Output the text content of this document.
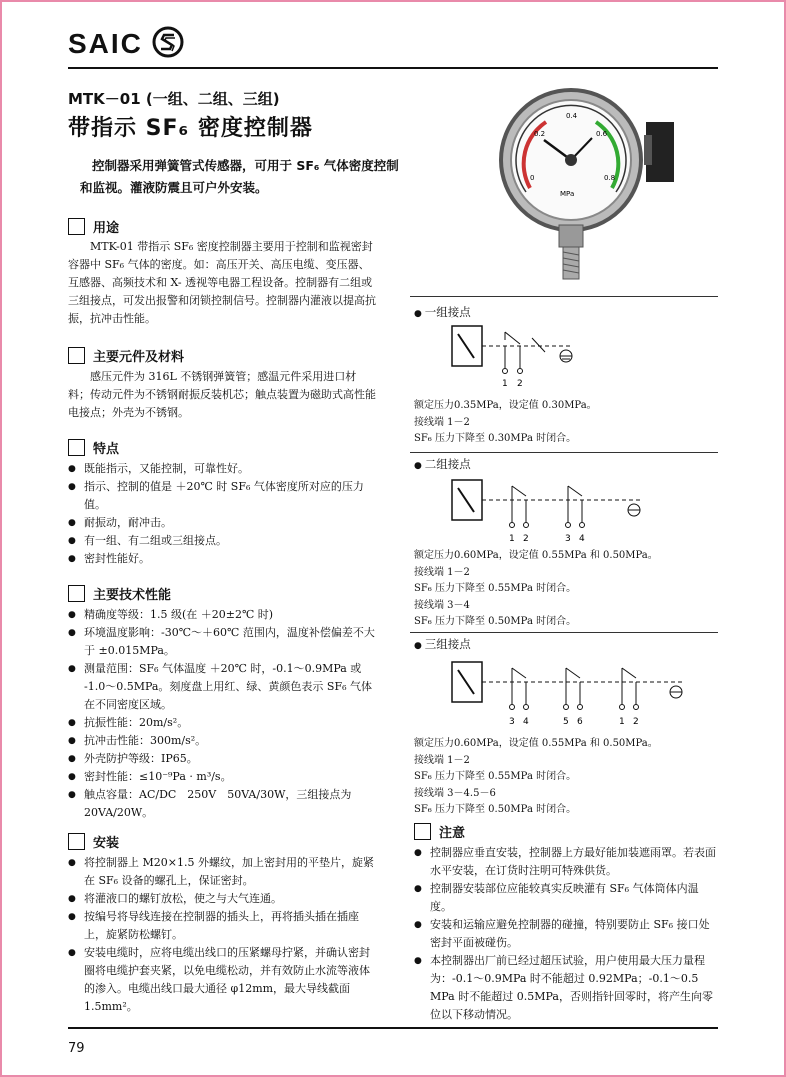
SAIC
MTK－01 (一组、二组、三组)
带指示 SF₆ 密度控制器
控制器采用弹簧管式传感器，可用于 SF₆ 气体密度控制和监视。灌液防震且可户外安装。
0.4
0.2	0.6
0	0.8
MPa
用途
MTK-01 带指示 SF₆ 密度控制器主要用于控制和监视密封容器中 SF₆ 气体的密度。如：高压开关、高压电缆、变压器、互感器、高频技术和 X- 透视等电器工程设备。控制器有二组或三组接点，可发出报警和闭锁控制信号。控制器内灌液以提高抗振，抗冲击性能。
主要元件及材料
感压元件为 316L 不锈钢弹簧管；感温元件采用进口材料；传动元件为不锈钢耐振反装机芯；触点装置为磁助式高性能电接点；外壳为不锈钢。
特点
● 既能指示，又能控制，可靠性好。
● 指示、控制的值是 ＋20℃ 时 SF₆ 气体密度所对应的压力值。
● 耐振动，耐冲击。
● 有一组、有二组或三组接点。
● 密封性能好。
主要技术性能
● 精确度等级：1.5 级(在 ＋20±2℃ 时)
● 环境温度影响：-30℃～＋60℃ 范围内，温度补偿偏差不大于 ±0.015MPa。
● 测量范围：SF₆ 气体温度 ＋20℃ 时，-0.1～0.9MPa 或 -1.0～0.5MPa。刻度盘上用红、绿、黄颜色表示 SF₆ 气体在不同密度区域。
● 抗振性能：20m/s²。
● 抗冲击性能：300m/s²。
● 外壳防护等级：IP65。
● 密封性能：≤10⁻⁹Pa · m³/s。
● 触点容量：AC/DC　250V　50VA/30W，三组接点为 20VA/20W。
安装
● 将控制器上 M20×1.5 外螺纹，加上密封用的平垫片，旋紧在 SF₆ 设备的螺孔上，保证密封。
● 将灌液口的螺钉放松，使之与大气连通。
● 按编号将导线连接在控制器的插头上，再将插头插在插座上，旋紧防松螺钉。
● 安装电缆时，应将电缆出线口的压紧螺母拧紧，并确认密封圈将电缆护套夹紧，以免电缆松动，并有效防止水流等液体的渗入。电缆出线口最大通径 φ12mm，最大导线截面 1.5mm²。
● 一组接点
1 2
额定压力0.35MPa，设定值 0.30MPa。
接线端 1－2
SF₆ 压力下降至 0.30MPa 时闭合。
● 二组接点
1 2	3 4
额定压力0.60MPa，设定值 0.55MPa 和 0.50MPa。
接线端 1－2
SF₆ 压力下降至 0.55MPa 时闭合。
接线端 3－4
SF₆ 压力下降至 0.50MPa 时闭合。
● 三组接点
3 4	5 6	1 2
额定压力0.60MPa，设定值 0.55MPa 和 0.50MPa。
接线端 1－2
SF₆ 压力下降至 0.55MPa 时闭合。
接线端 3－4.5－6
SF₆ 压力下降至 0.50MPa 时闭合。
注意
● 控制器应垂直安装，控制器上方最好能加装遮雨罩。若表面水平安装，在订货时注明可特殊供货。
● 控制器安装部位应能较真实反映灌有 SF₆ 气体筒体内温度。
● 安装和运输应避免控制器的碰撞，特别要防止 SF₆ 接口处密封平面被碰伤。
● 本控制器出厂前已经过超压试验，用户使用最大压力量程为：-0.1～0.9MPa 时不能超过 0.92MPa；-0.1～0.5 MPa 时不能超过 0.5MPa，否则指针回零时，将产生向零位以下移动情况。
79
